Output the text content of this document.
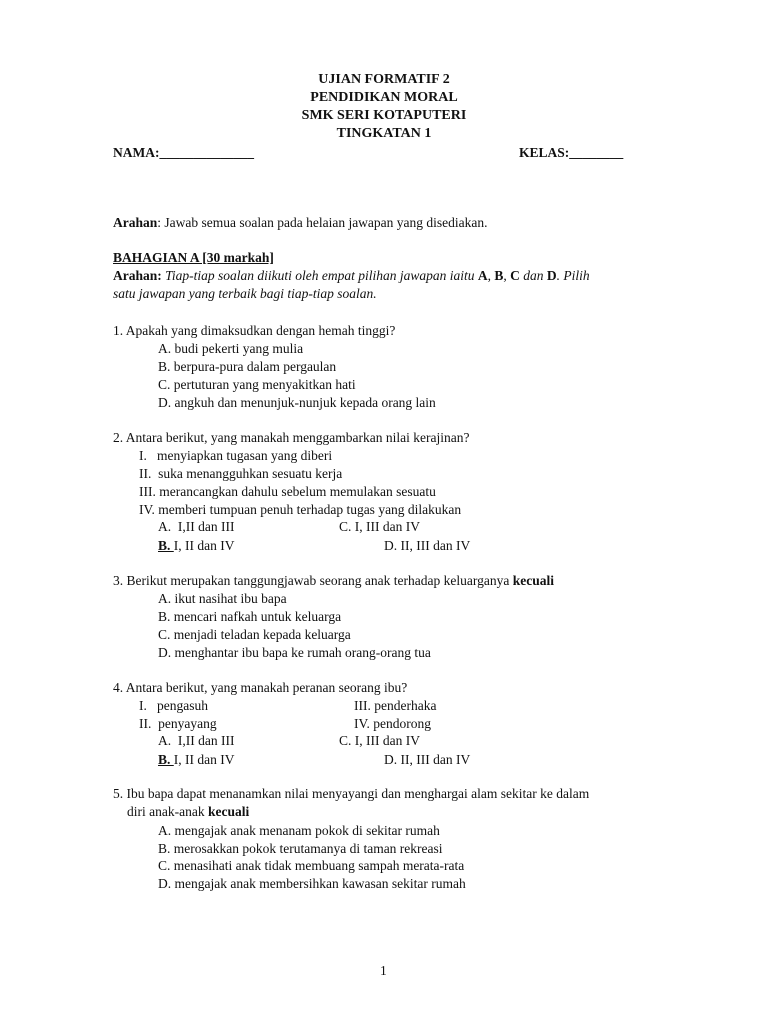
UJIAN FORMATIF 2
PENDIDIKAN MORAL
SMK SERI KOTAPUTERI
TINGKATAN 1
NAMA:______________	KELAS:________
Arahan: Jawab semua soalan pada helaian jawapan yang disediakan.
BAHAGIAN A [30 markah]
Arahan: Tiap-tiap soalan diikuti oleh empat pilihan jawapan iaitu A, B, C dan D. Pilih
satu jawapan yang terbaik bagi tiap-tiap soalan.
1. Apakah yang dimaksudkan dengan hemah tinggi?
A. budi pekerti yang mulia
B. berpura-pura dalam pergaulan
C. pertuturan yang menyakitkan hati
D. angkuh dan menunjuk-nunjuk kepada orang lain
2. Antara berikut, yang manakah menggambarkan nilai kerajinan?
I.   menyiapkan tugasan yang diberi
II.  suka menangguhkan sesuatu kerja
III. merancangkan dahulu sebelum memulakan sesuatu
IV. memberi tumpuan penuh terhadap tugas yang dilakukan
A.  I,II dan III	C. I, III dan IV
B. I, II dan IV	D. II, III dan IV
3. Berikut merupakan tanggungjawab seorang anak terhadap keluarganya kecuali
A. ikut nasihat ibu bapa
B. mencari nafkah untuk keluarga
C. menjadi teladan kepada keluarga
D. menghantar ibu bapa ke rumah orang-orang tua
4. Antara berikut, yang manakah peranan seorang ibu?
I.   pengasuh	III. penderhaka
II.  penyayang	IV. pendorong
A.  I,II dan III	C. I, III dan IV
B. I, II dan IV	D. II, III dan IV
5. Ibu bapa dapat menanamkan nilai menyayangi dan menghargai alam sekitar ke dalam
diri anak-anak kecuali
A. mengajak anak menanam pokok di sekitar rumah
B. merosakkan pokok terutamanya di taman rekreasi
C. menasihati anak tidak membuang sampah merata-rata
D. mengajak anak membersihkan kawasan sekitar rumah
1
